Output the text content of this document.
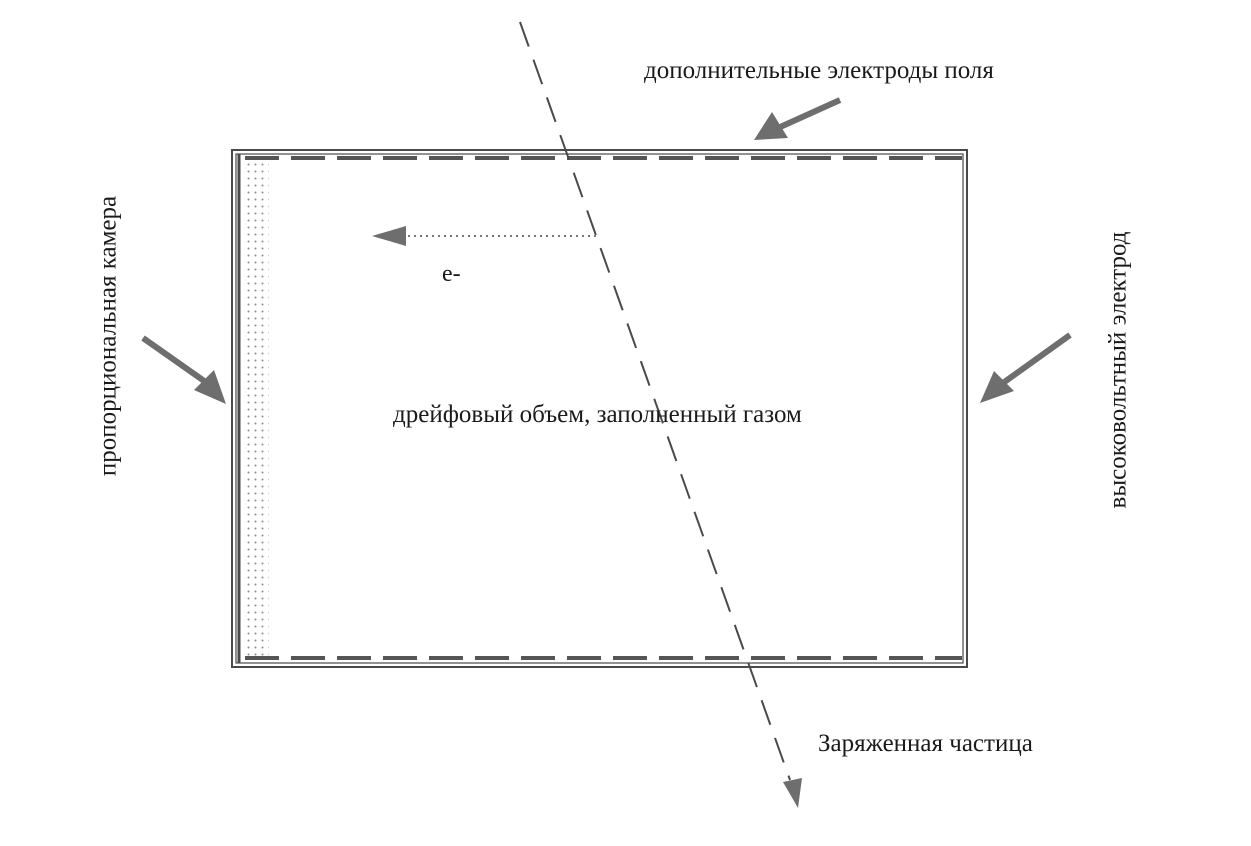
дополнительные электроды поля
дрейфовый объем, заполненный газом
e-
Заряженная частица
пропорциональная камера	высоковольтный электрод
